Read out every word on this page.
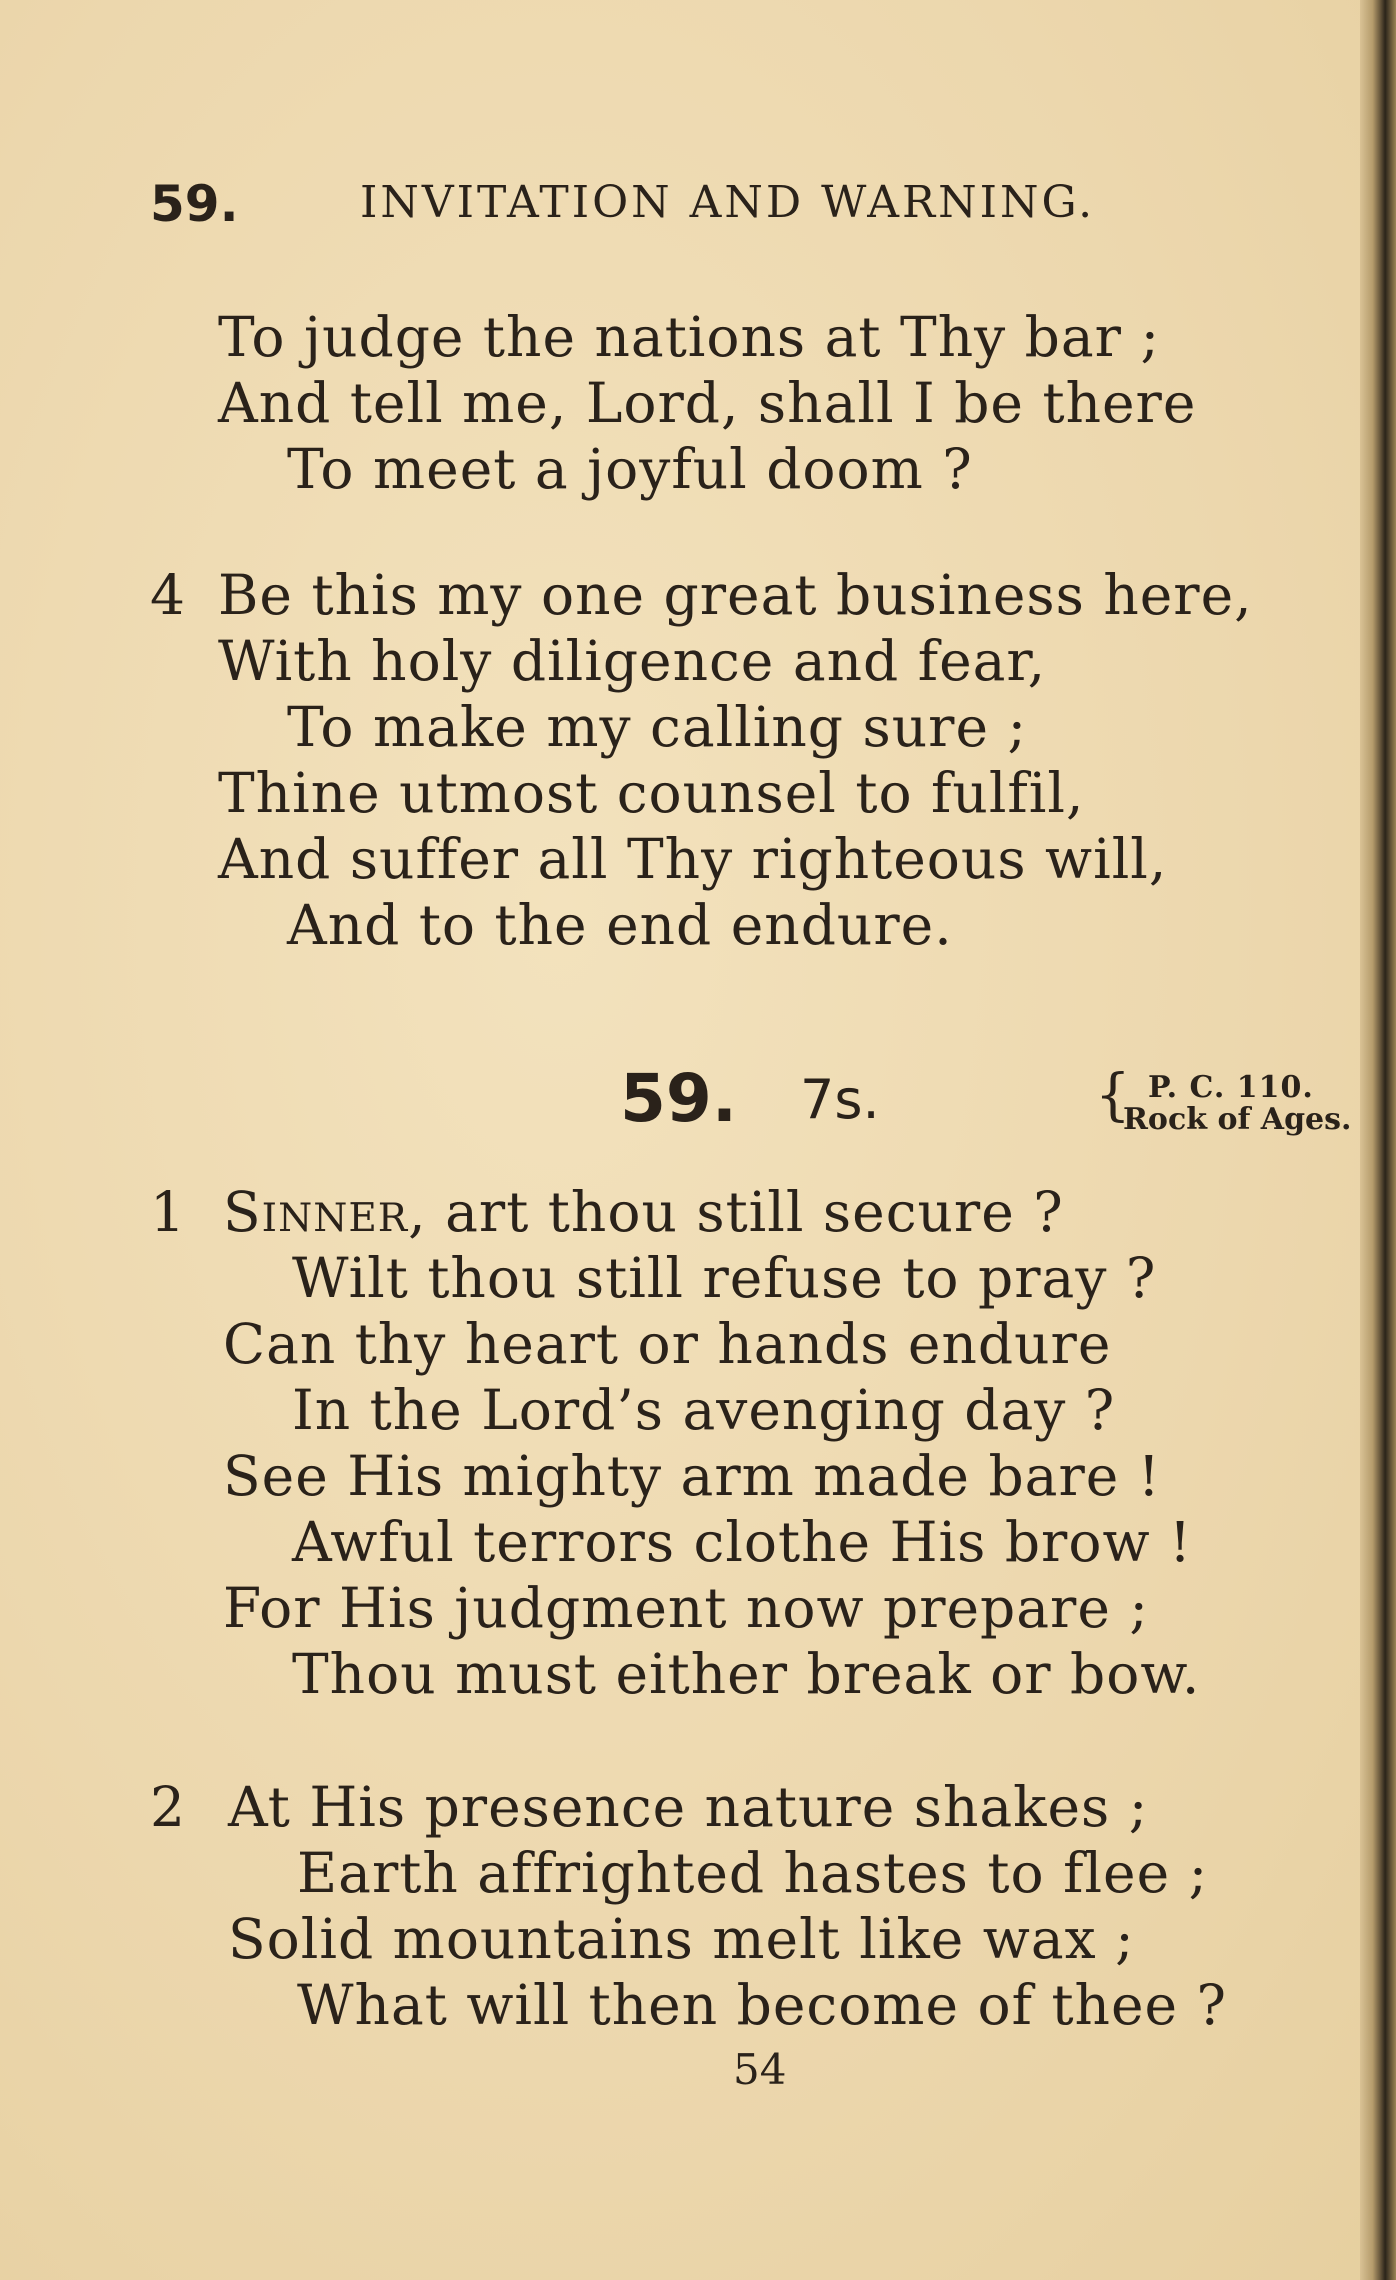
59.	INVITATION AND WARNING.
To judge the nations at Thy bar ;
And tell me, Lord, shall I be there
To meet a joyful doom ?
4 Be this my one great business here,
With holy diligence and fear,
To make my calling sure ;
Thine utmost counsel to fulfil,
And suffer all Thy righteous will,
And to the end endure.
59. 7s.	{ P. C. 110.
Rock of Ages.
1 Sinner, art thou still secure ?
Wilt thou still refuse to pray ?
Can thy heart or hands endure
In the Lord’s avenging day ?
See His mighty arm made bare !
Awful terrors clothe His brow !
For His judgment now prepare ;
Thou must either break or bow.
2 At His presence nature shakes ;
Earth affrighted hastes to flee ;
Solid mountains melt like wax ;
What will then become of thee ?
54
